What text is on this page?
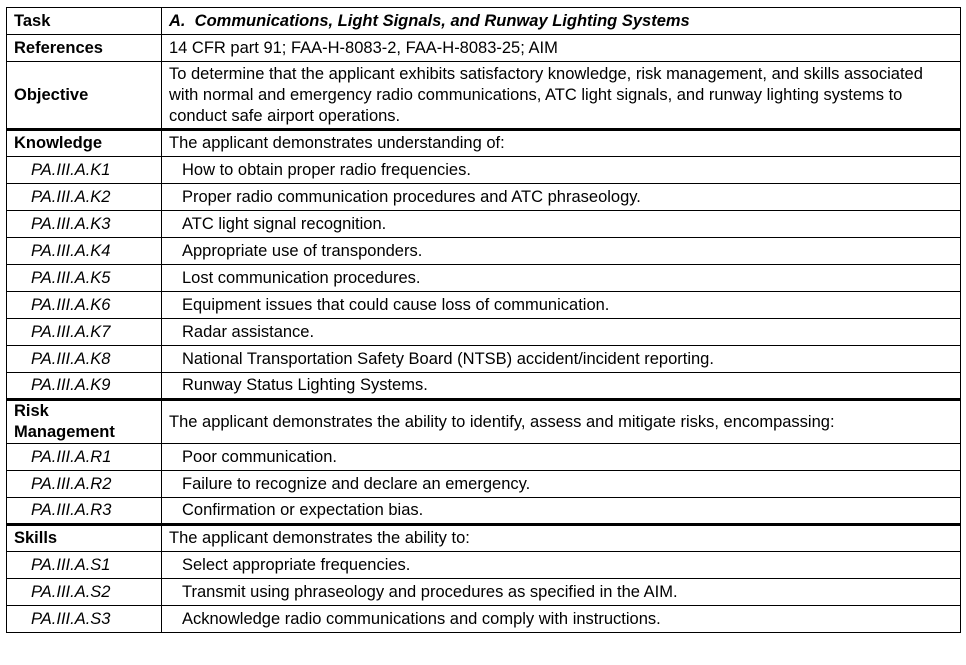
Task	A. Communications, Light Signals, and Runway Lighting Systems
References	14 CFR part 91; FAA-H-8083-2, FAA-H-8083-25; AIM
Objective	To determine that the applicant exhibits satisfactory knowledge, risk management, and skills associated with normal and emergency radio communications, ATC light signals, and runway lighting systems to conduct safe airport operations.
Knowledge	The applicant demonstrates understanding of:
PA.III.A.K1	How to obtain proper radio frequencies.
PA.III.A.K2	Proper radio communication procedures and ATC phraseology.
PA.III.A.K3	ATC light signal recognition.
PA.III.A.K4	Appropriate use of transponders.
PA.III.A.K5	Lost communication procedures.
PA.III.A.K6	Equipment issues that could cause loss of communication.
PA.III.A.K7	Radar assistance.
PA.III.A.K8	National Transportation Safety Board (NTSB) accident/incident reporting.
PA.III.A.K9	Runway Status Lighting Systems.
Risk
Management	The applicant demonstrates the ability to identify, assess and mitigate risks, encompassing:
PA.III.A.R1	Poor communication.
PA.III.A.R2	Failure to recognize and declare an emergency.
PA.III.A.R3	Confirmation or expectation bias.
Skills	The applicant demonstrates the ability to:
PA.III.A.S1	Select appropriate frequencies.
PA.III.A.S2	Transmit using phraseology and procedures as specified in the AIM.
PA.III.A.S3	Acknowledge radio communications and comply with instructions.
